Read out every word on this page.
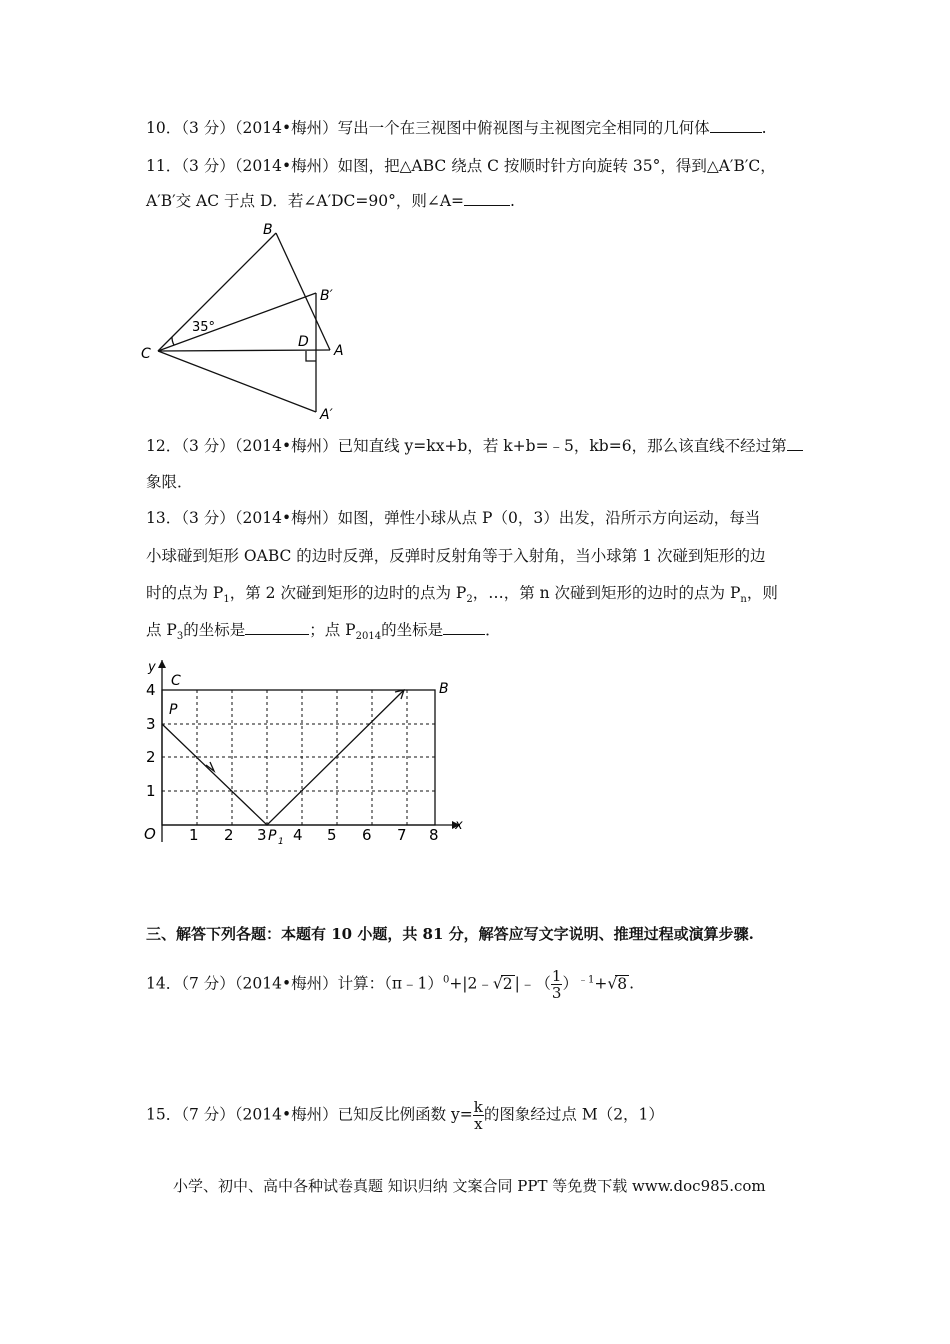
10．（3 分）（2014•梅州）写出一个在三视图中俯视图与主视图完全相同的几何体	.
11．（3 分）（2014•梅州）如图，把△ABC 绕点 C 按顺时针方向旋转 35°，得到△A′B′C，
A′B′交 AC 于点 D．若∠A′DC=90°，则∠A=	.
B
B′
C
D
A
A′
35°
12．（3 分）（2014•梅州）已知直线 y=kx+b，若 k+b=﹣5，kb=6，那么该直线不经过第
象限．
13．（3 分）（2014•梅州）如图，弹性小球从点 P（0，3）出发，沿所示方向运动，每当
小球碰到矩形 OABC 的边时反弹，反弹时反射角等于入射角，当小球第 1 次碰到矩形的边
时的点为 $P_1$，第 2 次碰到矩形的边时的点为 $P_2$，…，第 n 次碰到矩形的边时的点为 $P_n$，则
点 $P_3$的坐标是	；点 $P_{2014}$的坐标是	．
y
C	B
P
4
3
2
1
O 1 2 3 P 1 4 5 6 7 8
x
三、解答下列各题：本题有 10 小题，共 81 分，解答应写文字说明、推理过程或演算步骤.
14．（7 分）（2014•梅州）计算：（π﹣1）$^0$+|2﹣√2 |﹣（ $\frac{1}{3} )^{﹣1}+√8$ .
15．（7 分）（2014•梅州）已知反比例函数 $y= \frac{k}{x}$ 的图象经过点 M（2，1）
小学、初中、高中各种试卷真题 知识归纳 文案合同 PPT 等免费下载 www.doc985.com
